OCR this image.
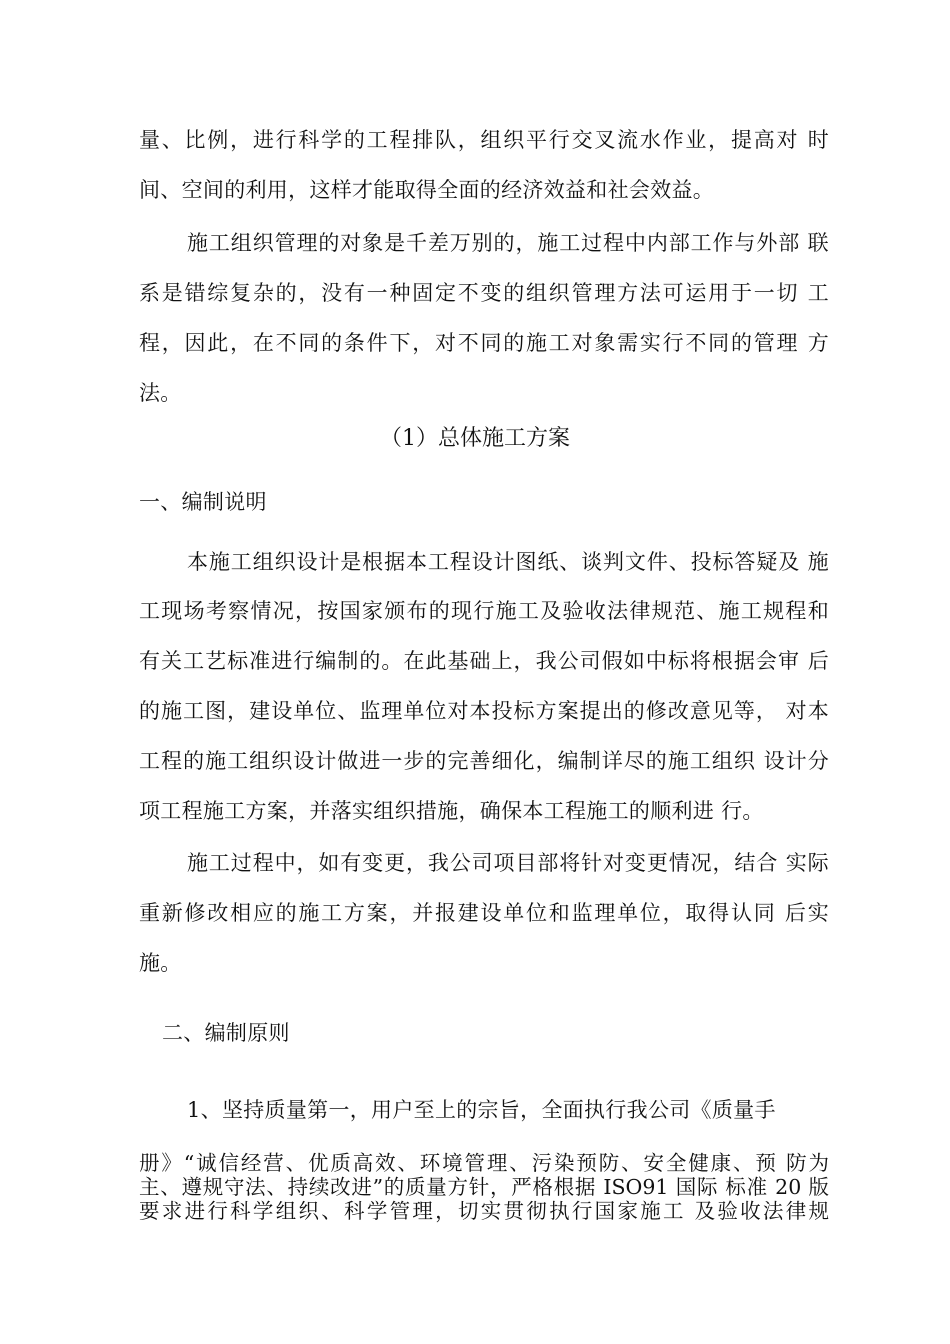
量、比例，进行科学的工程排队，组织平行交叉流水作业，提高对 时
间、空间的利用，这样才能取得全面的经济效益和社会效益。
施工组织管理的对象是千差万别的，施工过程中内部工作与外部 联
系是错综复杂的，没有一种固定不变的组织管理方法可运用于一切 工
程，因此，在不同的条件下，对不同的施工对象需实行不同的管理 方
法。
（1）总体施工方案
一、编制说明
本施工组织设计是根据本工程设计图纸、谈判文件、投标答疑及 施
工现场考察情况，按国家颁布的现行施工及验收法律规范、施工规程和
有关工艺标准进行编制的。在此基础上，我公司假如中标将根据会审 后
的施工图，建设单位、监理单位对本投标方案提出的修改意见等， 对本
工程的施工组织设计做进一步的完善细化，编制详尽的施工组织 设计分
项工程施工方案，并落实组织措施，确保本工程施工的顺利进 行。
施工过程中，如有变更，我公司项目部将针对变更情况，结合 实际
重新修改相应的施工方案，并报建设单位和监理单位，取得认同 后实
施。
二、编制原则
1、坚持质量第一，用户至上的宗旨，全面执行我公司《质量手
册》“诚信经营、优质高效、环境管理、污染预防、安全健康、预 防为
主、遵规守法、持续改进”的质量方针，严格根据 ISO91 国际 标准 20 版
要求进行科学组织、科学管理，切实贯彻执行国家施工 及验收法律规
